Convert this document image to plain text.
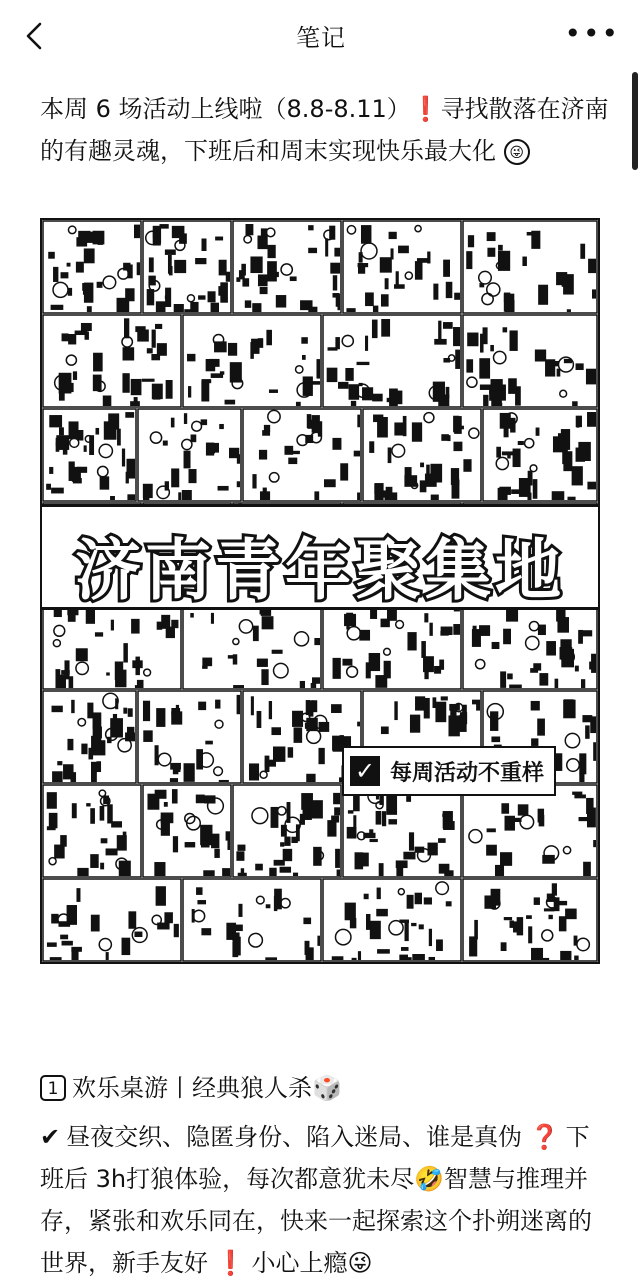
笔记	•••
本周 6 场活动上线啦（8.8-8.11）❗寻找散落在济南的有趣灵魂，下班后和周末实现快乐最大化 😜
济南青年聚集地
✓ 每周活动不重样
1 欢乐桌游丨经典狼人杀 🎲
✔ 昼夜交织、隐匿身份、陷入迷局、谁是真伪 ❓ 下班后 3h打狼体验，每次都意犹未尽🤣智慧与推理并存，紧张和欢乐同在，快来一起探索这个扑朔迷离的世界，新手友好 ❗ 小心上瘾😜
